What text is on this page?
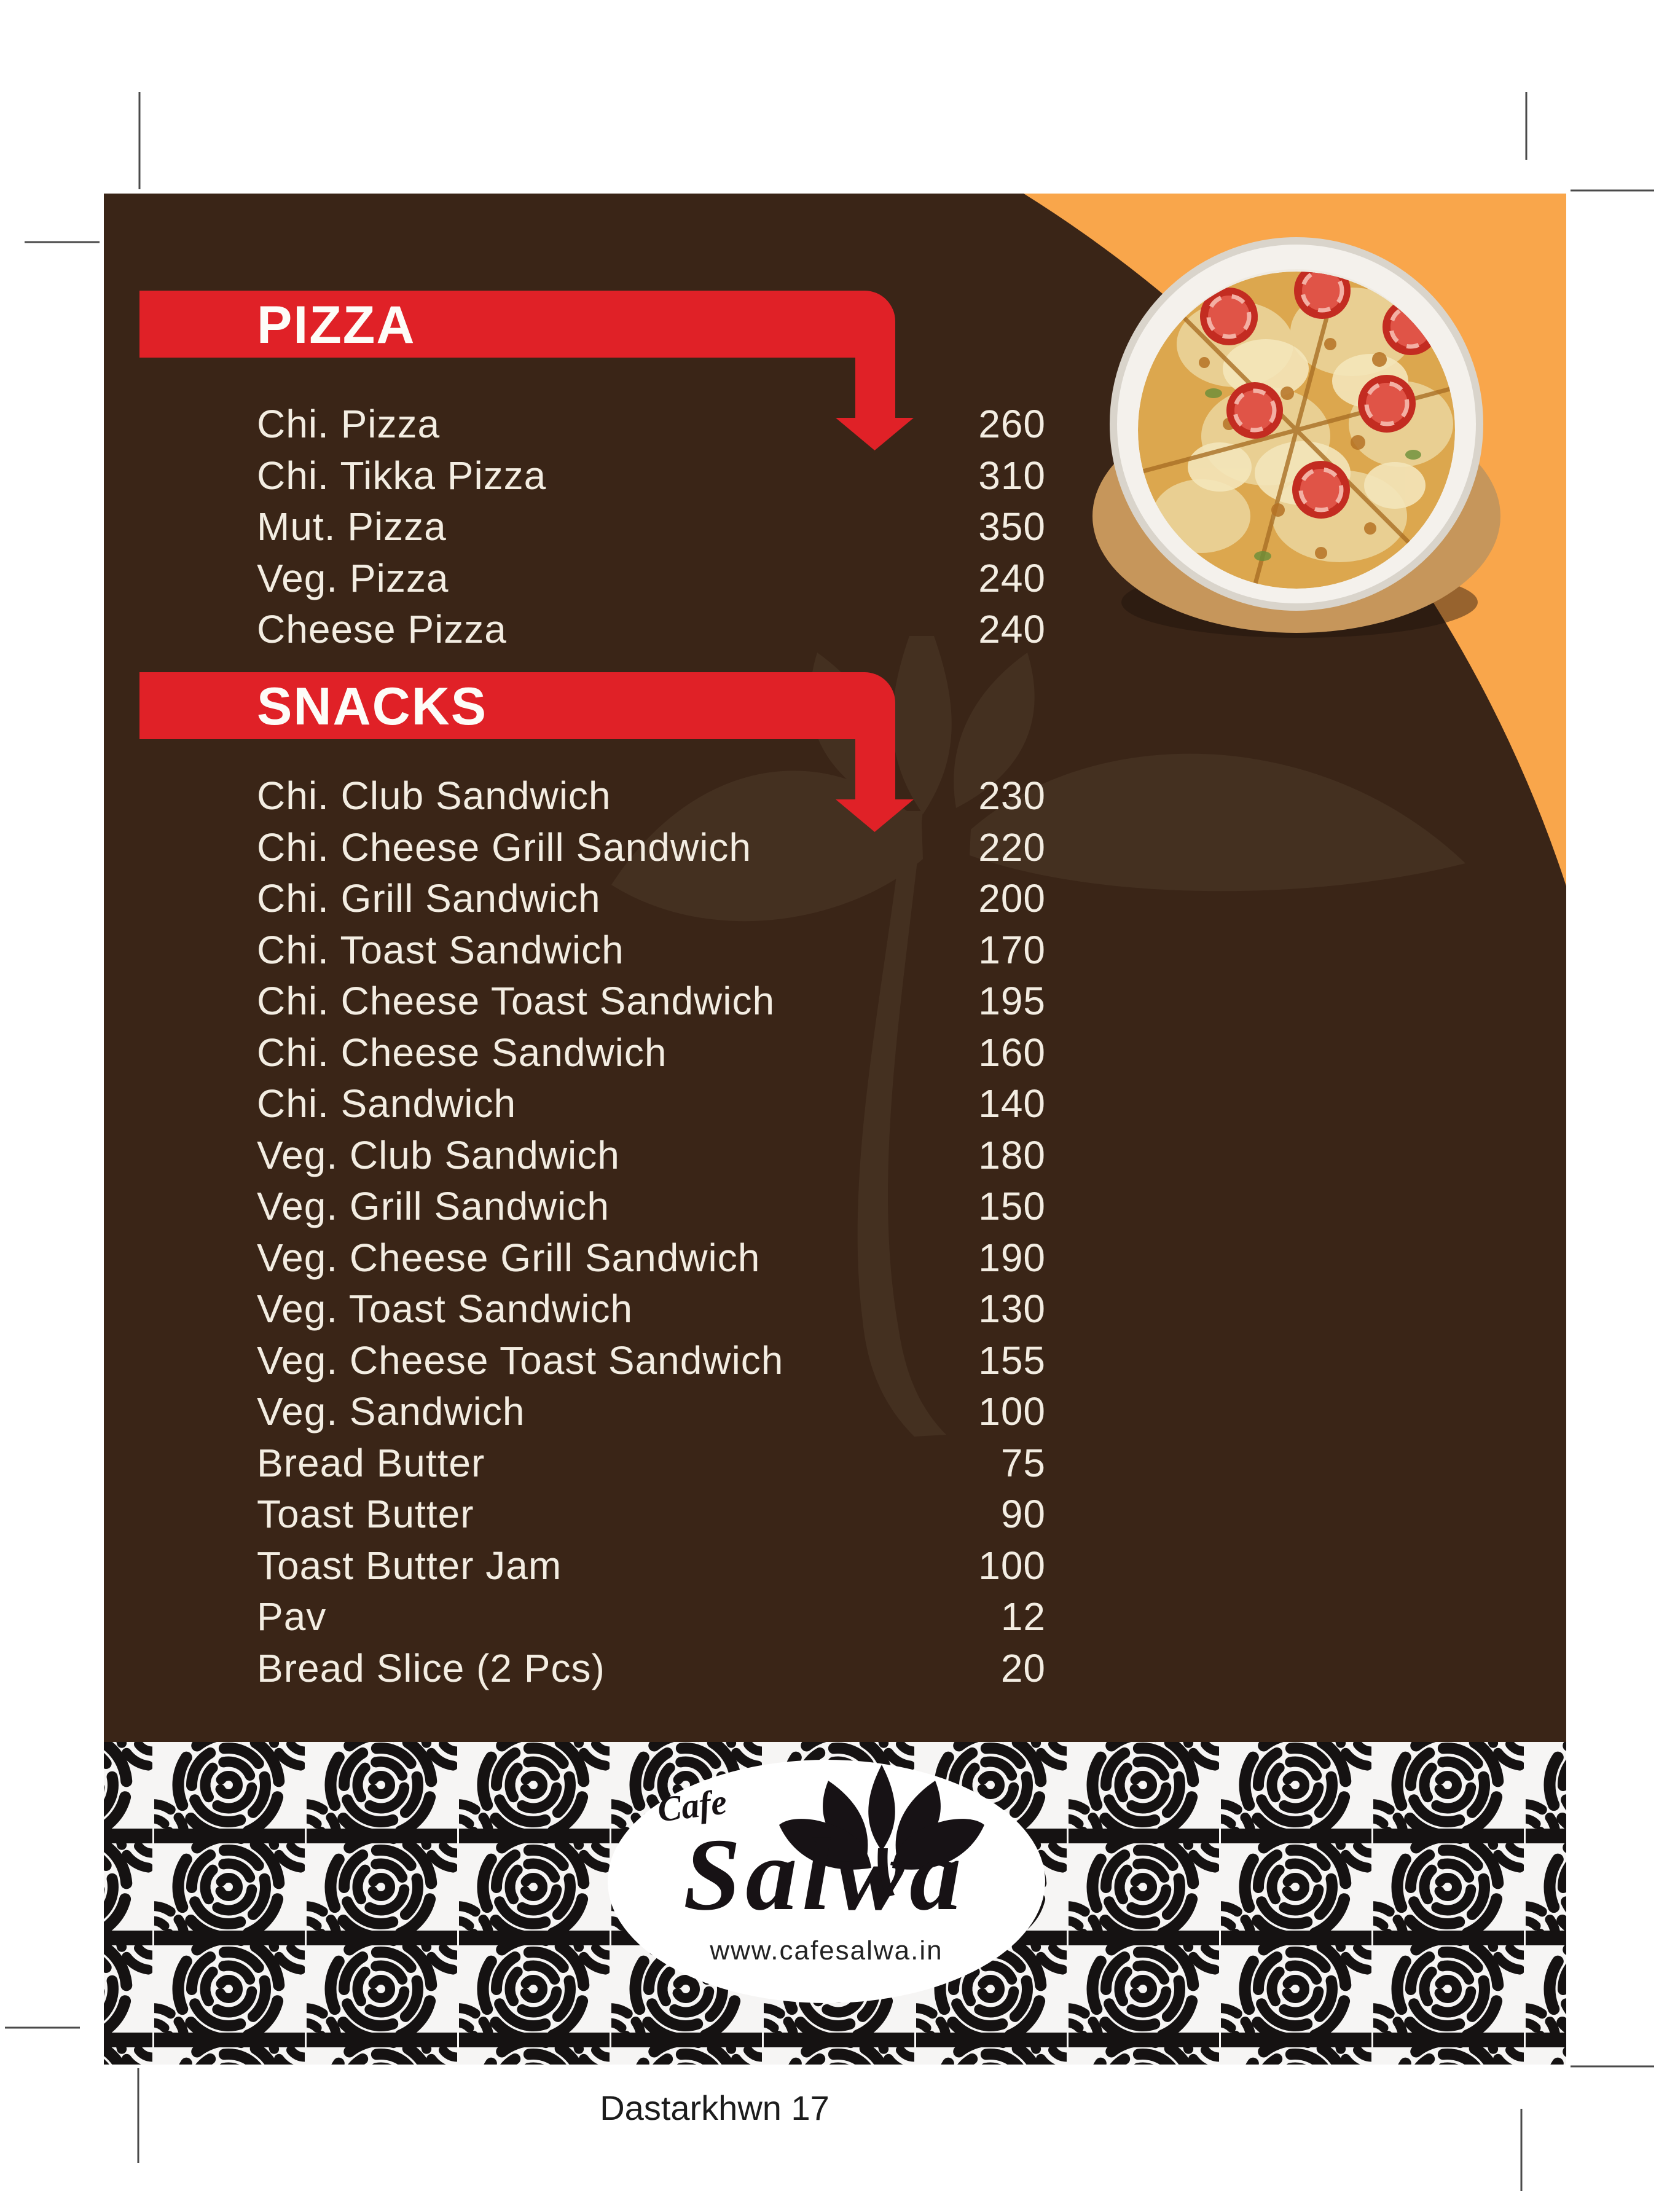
PIZZA
SNACKS
Chi. Pizza	260
Chi. Tikka Pizza	310
Mut. Pizza	350
Veg. Pizza	240
Cheese Pizza	240
Chi. Club Sandwich	230
Chi. Cheese Grill Sandwich	220
Chi. Grill Sandwich	200
Chi. Toast Sandwich	170
Chi. Cheese Toast Sandwich	195
Chi. Cheese Sandwich	160
Chi. Sandwich	140
Veg. Club Sandwich	180
Veg. Grill Sandwich	150
Veg. Cheese Grill Sandwich	190
Veg. Toast Sandwich	130
Veg. Cheese Toast Sandwich	155
Veg. Sandwich	100
Bread Butter	75
Toast Butter	90
Toast Butter Jam	100
Pav	12
Bread Slice (2 Pcs)	20
Cafe
Salwa
www.cafesalwa.in
Dastarkhwn 17
